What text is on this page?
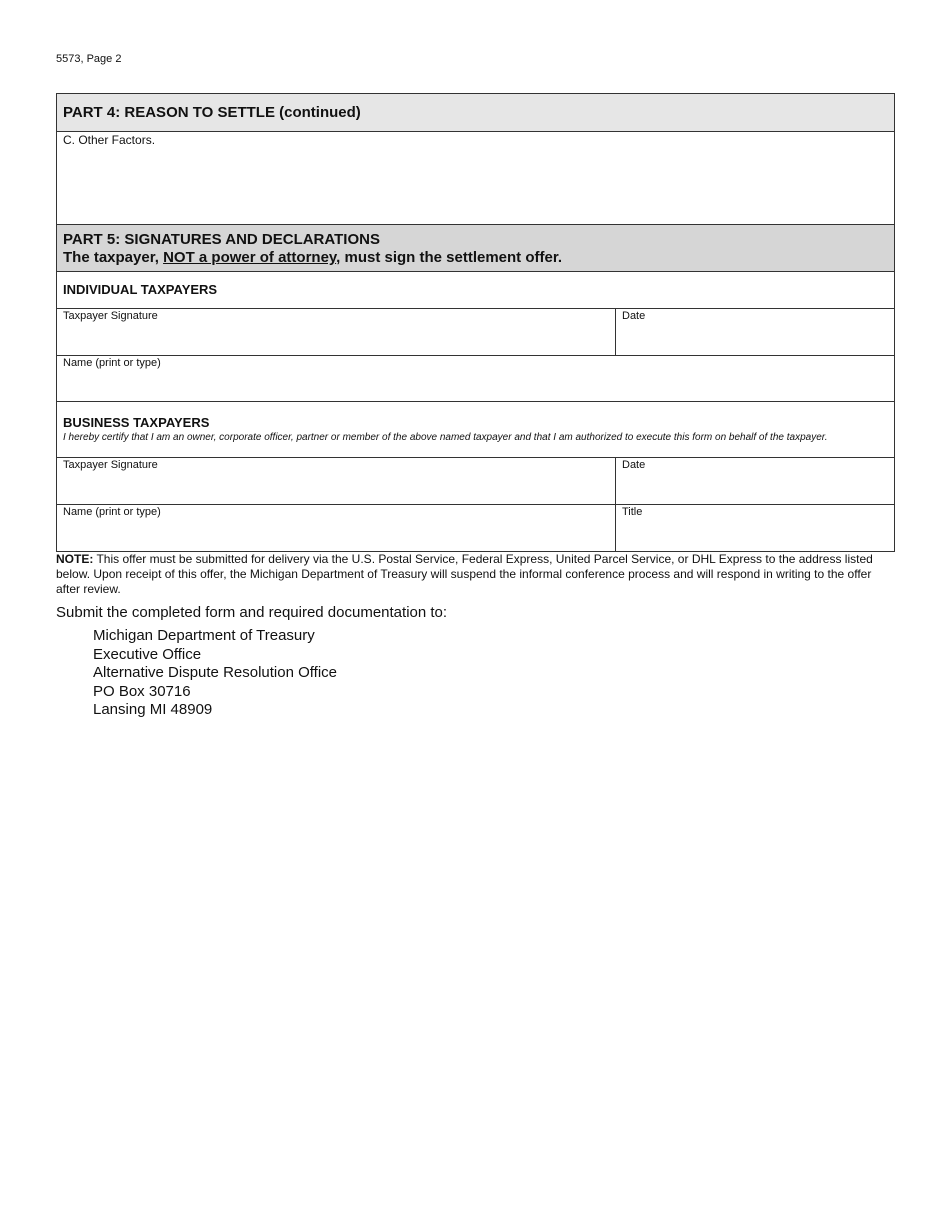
5573, Page 2
PART 4: REASON TO SETTLE (continued)
C. Other Factors.
PART 5: SIGNATURES AND DECLARATIONS
The taxpayer, NOT a power of attorney, must sign the settlement offer.
INDIVIDUAL TAXPAYERS
Taxpayer Signature	Date
Name (print or type)
BUSINESS TAXPAYERS
I hereby certify that I am an owner, corporate officer, partner or member of the above named taxpayer and that I am authorized to execute this form on behalf of the taxpayer.
Taxpayer Signature	Date
Name (print or type)	Title
NOTE: This offer must be submitted for delivery via the U.S. Postal Service, Federal Express, United Parcel Service, or DHL Express to the address listed below. Upon receipt of this offer, the Michigan Department of Treasury will suspend the informal conference process and will respond in writing to the offer after review.
Submit the completed form and required documentation to:
Michigan Department of Treasury
Executive Office
Alternative Dispute Resolution Office
PO Box 30716
Lansing MI 48909
